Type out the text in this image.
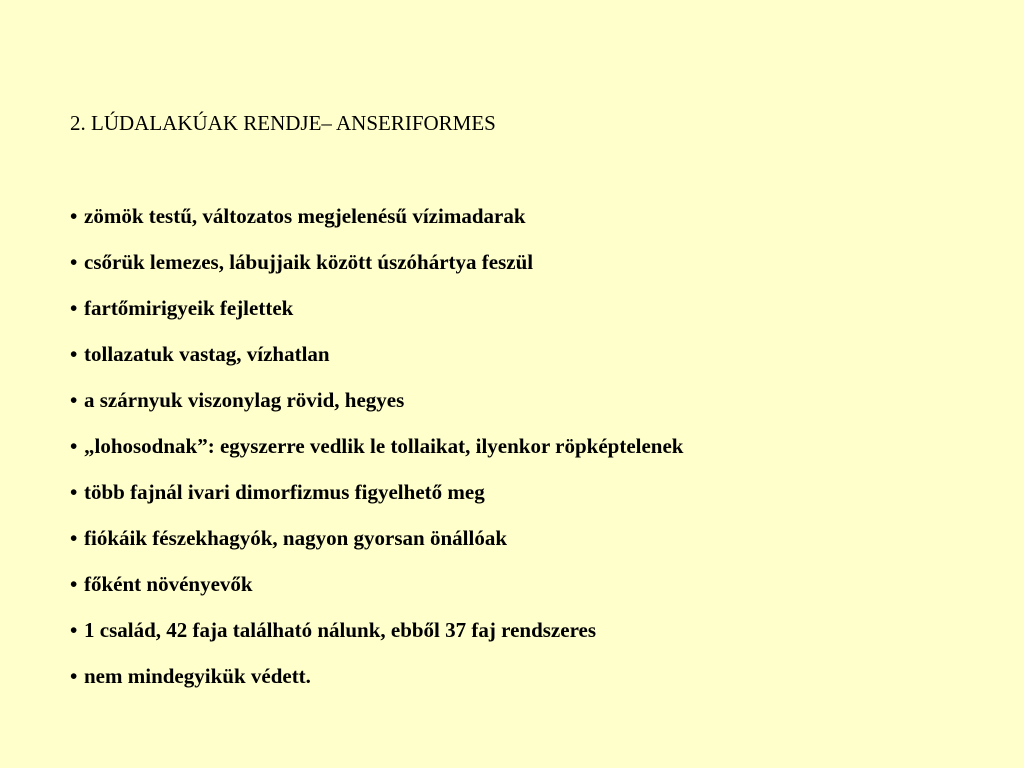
2. LÚDALAKÚAK RENDJE– ANSERIFORMES
• zömök testű, változatos megjelenésű vízimadarak
• csőrük lemezes, lábujjaik között úszóhártya feszül
• fartőmirigyeik fejlettek
• tollazatuk vastag, vízhatlan
• a szárnyuk viszonylag rövid, hegyes
• „lohosodnak”: egyszerre vedlik le tollaikat, ilyenkor röpképtelenek
• több fajnál ivari dimorfizmus figyelhető meg
• fiókáik fészekhagyók, nagyon gyorsan önállóak
• főként növényevők
• 1 család, 42 faja található nálunk, ebből 37 faj rendszeres
• nem mindegyikük védett.
